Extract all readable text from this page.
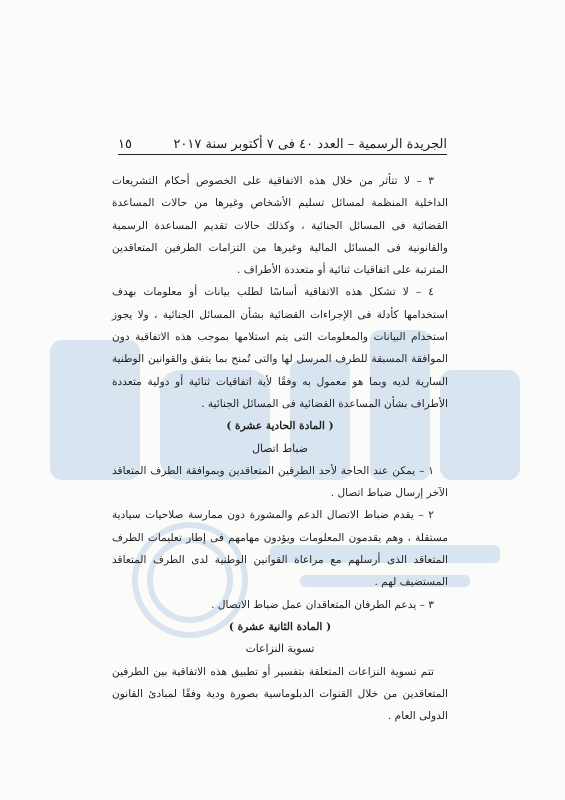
الجريدة الرسمية – العدد ٤٠ فى ٧ أكتوبر سنة ٢٠١٧
١٥

٣ – لا تتأثر من خلال هذه الاتفاقية على الخصوص أحكام التشريعات الداخلية المنظمة لمسائل تسليم الأشخاص وغيرها من حالات المساعدة القضائية فى المسائل الجنائية ، وكذلك حالات تقديم المساعدة الرسمية والقانونية فى المسائل المالية وغيرها من التزامات الطرفين المتعاقدين المترتبة على اتفاقيات ثنائية أو متعددة الأطراف .

٤ – لا تشكل هذه الاتفاقية أساسًا لطلب بيانات أو معلومات بهدف استخدامها كأدلة فى الإجراءات القضائية بشأن المسائل الجنائية ، ولا يجوز استخدام البيانات والمعلومات التى يتم استلامها بموجب هذه الاتفاقية دون الموافقة المسبقة للطرف المرسل لها والتى تُمنح بما يتفق والقوانين الوطنية السارية لديه وبما هو معمول به وفقًا لأية اتفاقيات ثنائية أو دولية متعددة الأطراف بشأن المساعدة القضائية فى المسائل الجنائية .

( المادة الحادية عشرة )

ضباط اتصال

١ – يمكن عند الحاجة لأحد الطرفين المتعاقدين وبموافقة الطرف المتعاقد الآخر إرسال ضباط اتصال .

٢ – يقدم ضباط الاتصال الدعم والمشورة دون ممارسة صلاحيات سيادية مستقلة ، وهم يقدمون المعلومات ويؤدون مهامهم فى إطار تعليمات الطرف المتعاقد الذى أرسلهم مع مراعاة القوانين الوطنية لدى الطرف المتعاقد المستضيف لهم .

٣ – يدعم الطرفان المتعاقدان عمل ضباط الاتصال .

( المادة الثانية عشرة )

تسوية النزاعات

تتم تسوية النزاعات المتعلقة بتفسير أو تطبيق هذه الاتفاقية بين الطرفين المتعاقدين من خلال القنوات الدبلوماسية بصورة ودية وفقًا لمبادئ القانون الدولى العام .
